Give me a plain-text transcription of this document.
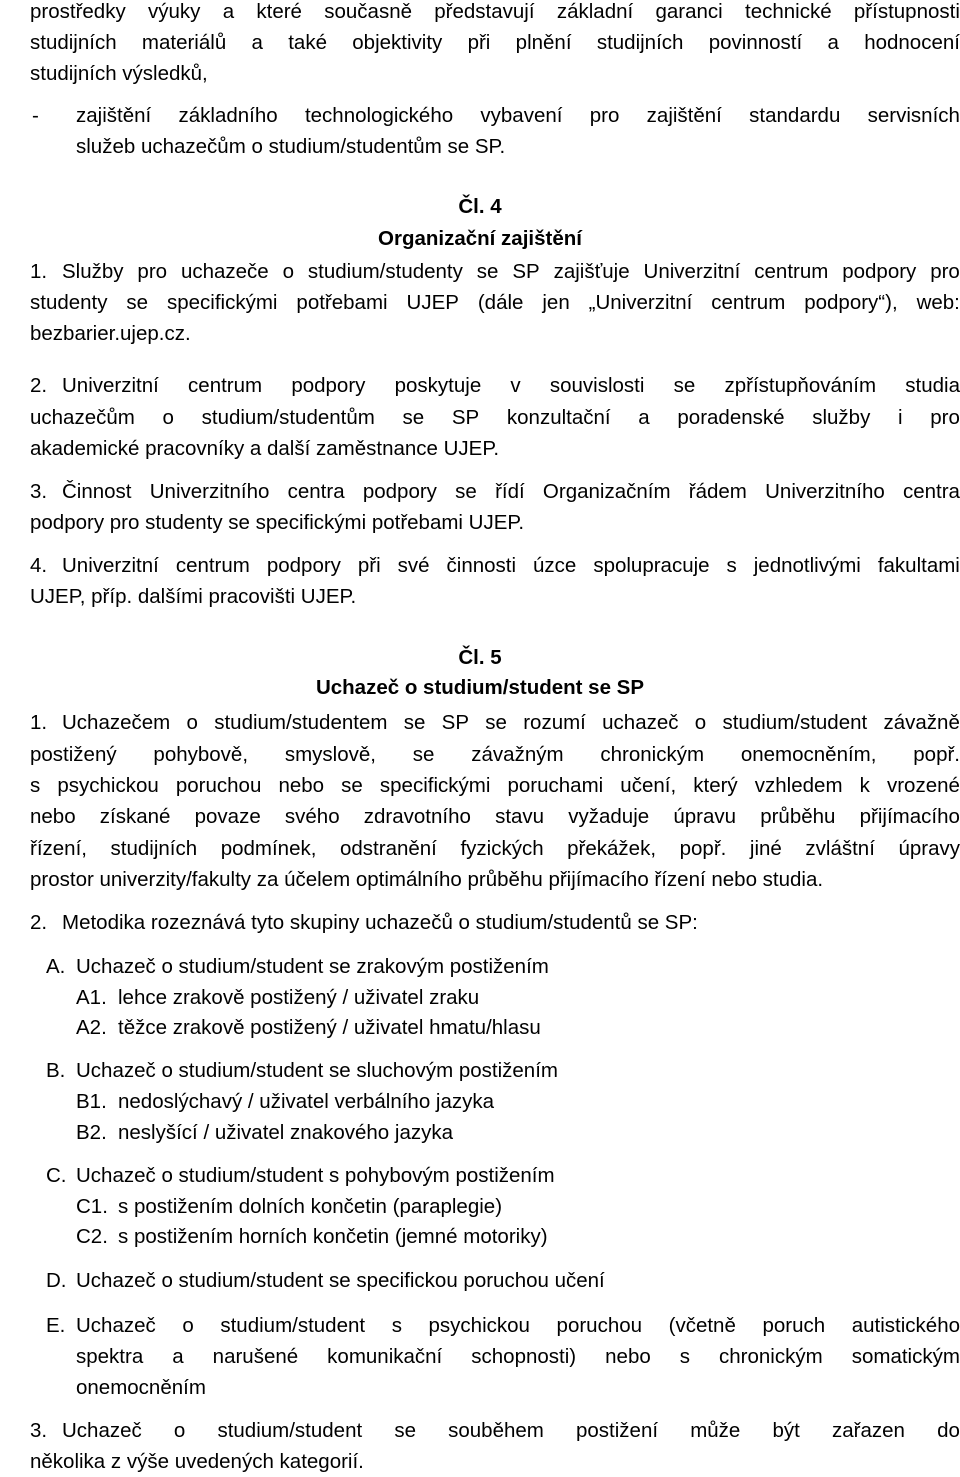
prostředky výuky a které současně představují základní garanci technické přístupnosti
studijních materiálů a také objektivity při plnění studijních povinností a hodnocení
studijních výsledků,
- zajištění základního technologického vybavení pro zajištění standardu servisních
služeb uchazečům o studium/studentům se SP.
Čl. 4
Organizační zajištění
1. Služby pro uchazeče o studium/studenty se SP zajišťuje Univerzitní centrum podpory pro
studenty se specifickými potřebami UJEP (dále jen „Univerzitní centrum podpory“), web:
bezbarier.ujep.cz.
2. Univerzitní centrum podpory poskytuje v souvislosti se zpřístupňováním studia
uchazečům o studium/studentům se SP konzultační a poradenské služby i pro
akademické pracovníky a další zaměstnance UJEP.
3. Činnost Univerzitního centra podpory se řídí Organizačním řádem Univerzitního centra
podpory pro studenty se specifickými potřebami UJEP.
4. Univerzitní centrum podpory při své činnosti úzce spolupracuje s jednotlivými fakultami
UJEP, příp. dalšími pracovišti UJEP.
Čl. 5
Uchazeč o studium/student se SP
1. Uchazečem o studium/studentem se SP se rozumí uchazeč o studium/student závažně
postižený pohybově, smyslově, se závažným chronickým onemocněním, popř.
s psychickou poruchou nebo se specifickými poruchami učení, který vzhledem k vrozené
nebo získané povaze svého zdravotního stavu vyžaduje úpravu průběhu přijímacího
řízení, studijních podmínek, odstranění fyzických překážek, popř. jiné zvláštní úpravy
prostor univerzity/fakulty za účelem optimálního průběhu přijímacího řízení nebo studia.
2. Metodika rozeznává tyto skupiny uchazečů o studium/studentů se SP:
A. Uchazeč o studium/student se zrakovým postižením
A1. lehce zrakově postižený / uživatel zraku
A2. těžce zrakově postižený / uživatel hmatu/hlasu
B. Uchazeč o studium/student se sluchovým postižením
B1. nedoslýchavý / uživatel verbálního jazyka
B2. neslyšící / uživatel znakového jazyka
C. Uchazeč o studium/student s pohybovým postižením
C1. s postižením dolních končetin (paraplegie)
C2. s postižením horních končetin (jemné motoriky)
D. Uchazeč o studium/student se specifickou poruchou učení
E. Uchazeč o studium/student s psychickou poruchou (včetně poruch autistického
spektra a narušené komunikační schopnosti) nebo s chronickým somatickým
onemocněním
3. Uchazeč o studium/student se souběhem postižení může být zařazen do
několika z výše uvedených kategorií.
